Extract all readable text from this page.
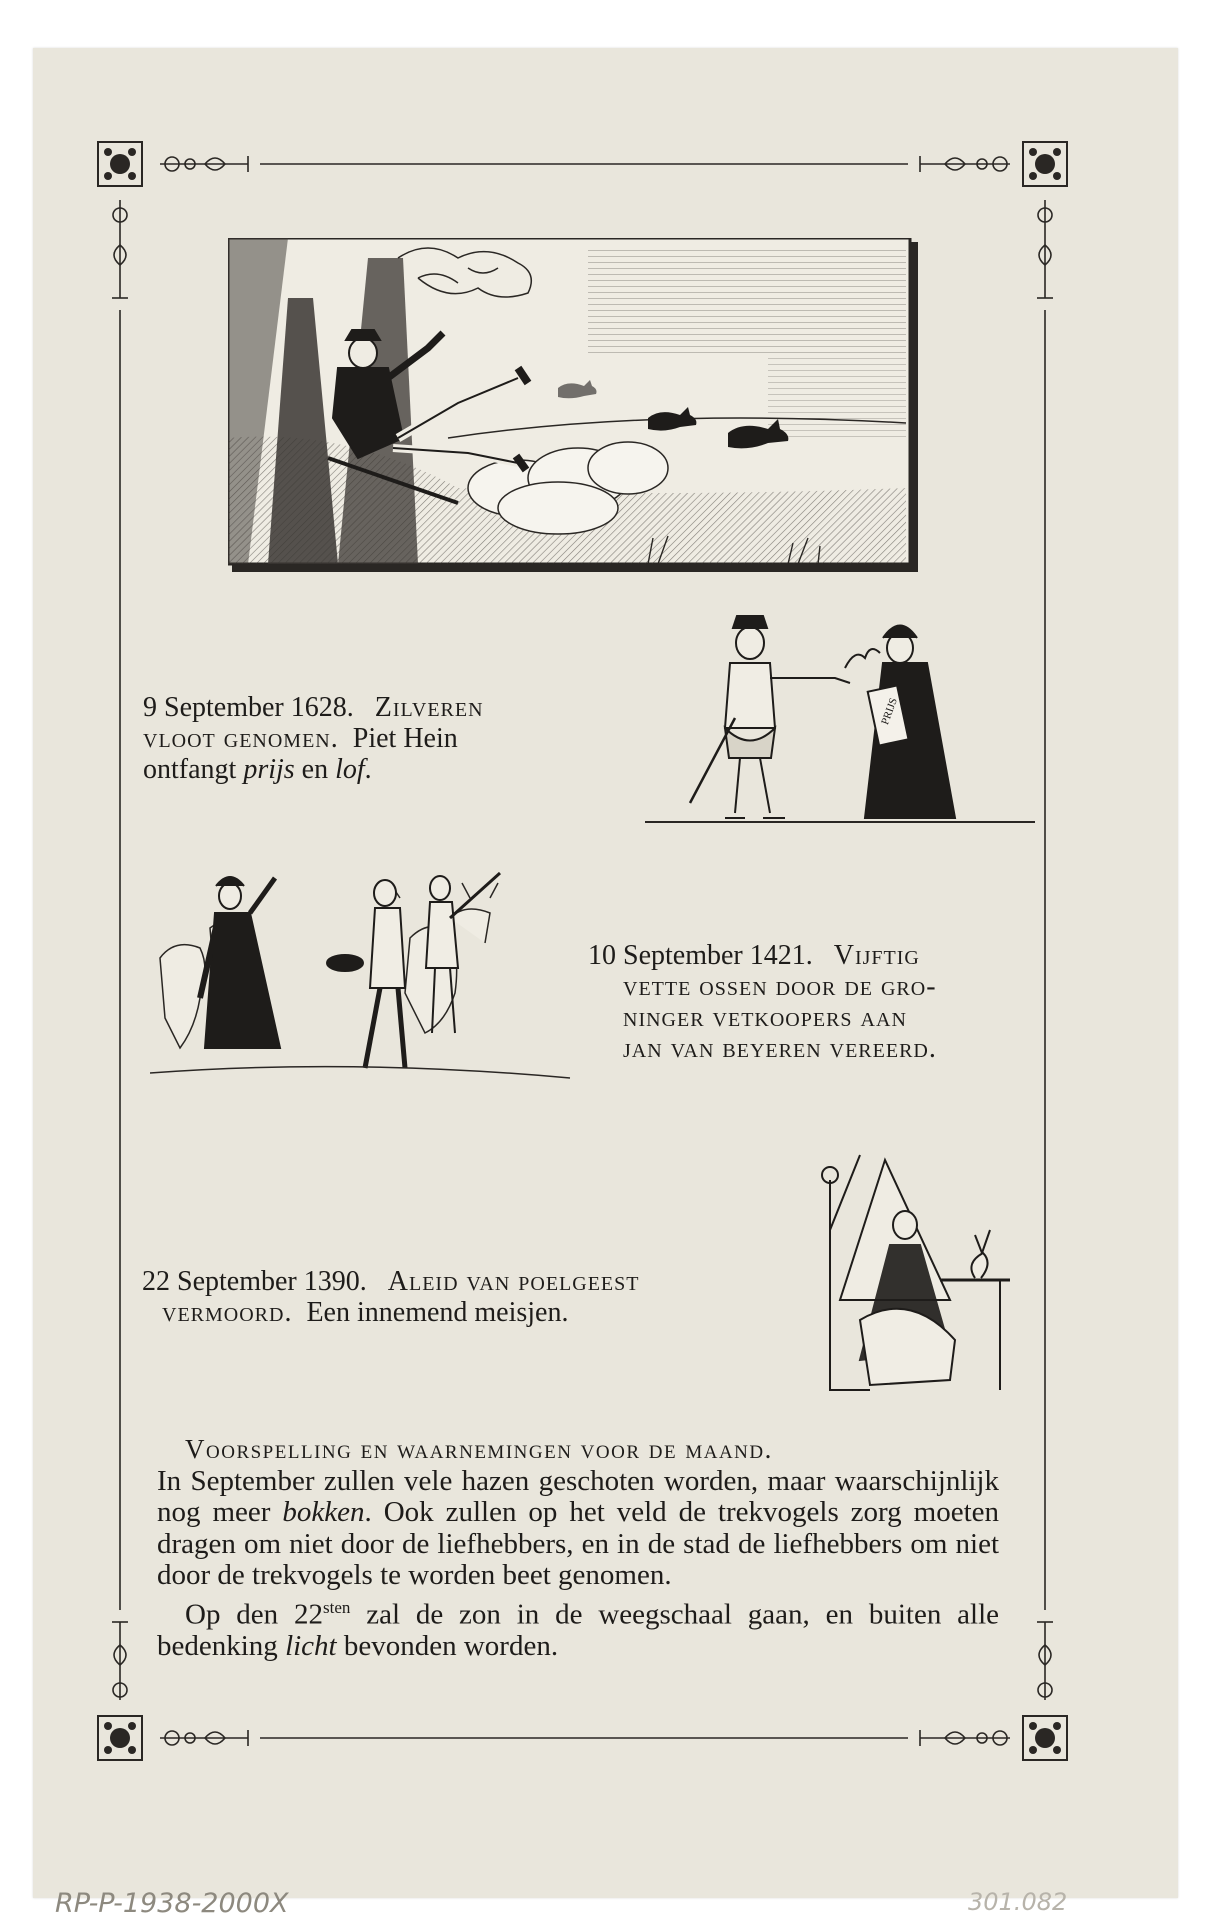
9 September 1628. Zilveren
vloot genomen. Piet Hein
ontfangt prijs en lof.
PRIJS
10 September 1421. Vijftig
vette ossen door de gro-
ninger vetkoopers aan
jan van beyeren vereerd.
22 September 1390. Aleid van poelgeest
vermoord. Een innemend meisjen.

Voorspelling en waarnemingen voor de maand.

In September zullen vele hazen geschoten worden, maar waarschijnlijk nog meer bokken. Ook zullen op het veld de trekvogels zorg moeten dragen om niet door de liefhebbers, en in de stad de liefhebbers om niet door de trekvogels te worden beet genomen.

Op den $22^{sten}$ zal de zon in de weegschaal gaan, en buiten alle bedenking licht bevonden worden.

RP-P-1938-2000X	301.082
